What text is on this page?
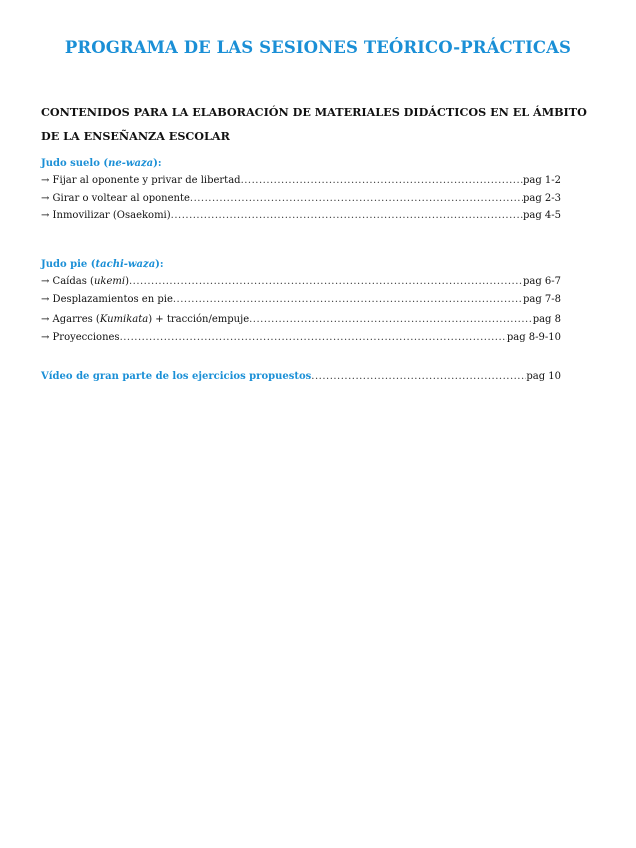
PROGRAMA DE LAS SESIONES TEÓRICO-PRÁCTICAS
CONTENIDOS PARA LA ELABORACIÓN DE MATERIALES DIDÁCTICOS EN EL ÁMBITO
DE LA ENSEÑANZA ESCOLAR
Judo suelo (ne-waza):
→ Fijar al oponente y privar de libertad .....	pag 1-2
→ Girar o voltear al oponente .....	pag 2-3
→ Inmovilizar (Osaekomi) .....	pag 4-5
Judo pie (tachi-waza):
→ Caídas (ukemi) .....	pag 6-7
→ Desplazamientos en pie .....	pag 7-8
→ Agarres (Kumikata) + tracción/empuje .....	pag 8
→ Proyecciones .....	pag 8-9-10
Vídeo de gran parte de los ejercicios propuestos .....	pag 10
